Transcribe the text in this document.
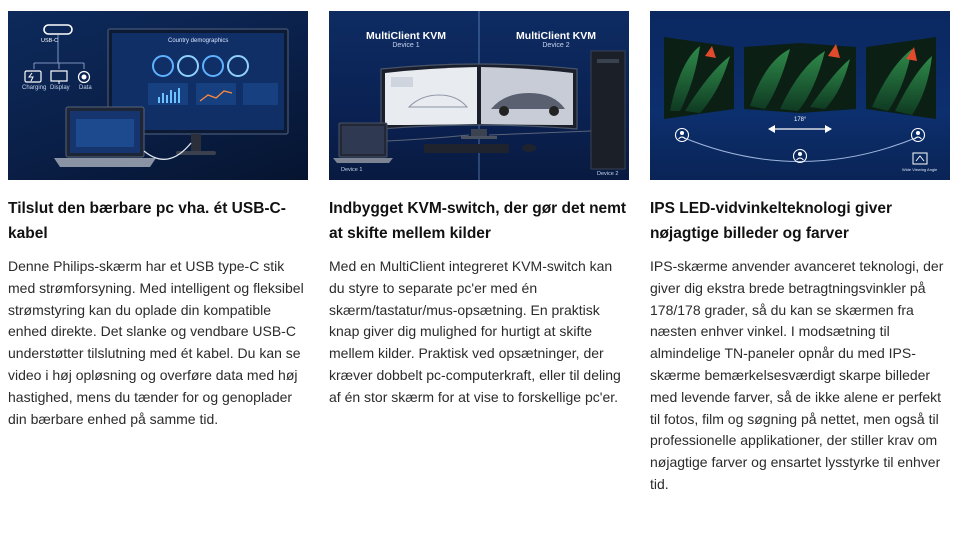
USB-C
Charging Display Data
Country demographics
Tilslut den bærbare pc vha. ét USB-C-kabel
Denne Philips-skærm har et USB type-C stik med strømforsyning. Med intelligent og fleksibel strømstyring kan du oplade din kompatible enhed direkte. Det slanke og vendbare USB-C understøtter tilslutning med ét kabel. Du kan se video i høj opløsning og overføre data med høj hastighed, mens du tænder for og genoplader din bærbare enhed på samme tid.
MultiClient KVM
Device 1
MultiClient KVM
Device 2
Device 1
Device 2
Indbygget KVM-switch, der gør det nemt at skifte mellem kilder
Med en MultiClient integreret KVM-switch kan du styre to separate pc'er med én skærm/tastatur/mus-opsætning. En praktisk knap giver dig mulighed for hurtigt at skifte mellem kilder. Praktisk ved opsætninger, der kræver dobbelt pc-computerkraft, eller til deling af én stor skærm for at vise to forskellige pc'er.
178°
Wide Viewing Angle
IPS LED-vidvinkelteknologi giver nøjagtige billeder og farver
IPS-skærme anvender avanceret teknologi, der giver dig ekstra brede betragtningsvinkler på 178/178 grader, så du kan se skærmen fra næsten enhver vinkel. I modsætning til almindelige TN-paneler opnår du med IPS-skærme bemærkelsesværdigt skarpe billeder med levende farver, så de ikke alene er perfekt til fotos, film og søgning på nettet, men også til professionelle applikationer, der stiller krav om nøjagtige farver og ensartet lysstyrke til enhver tid.
